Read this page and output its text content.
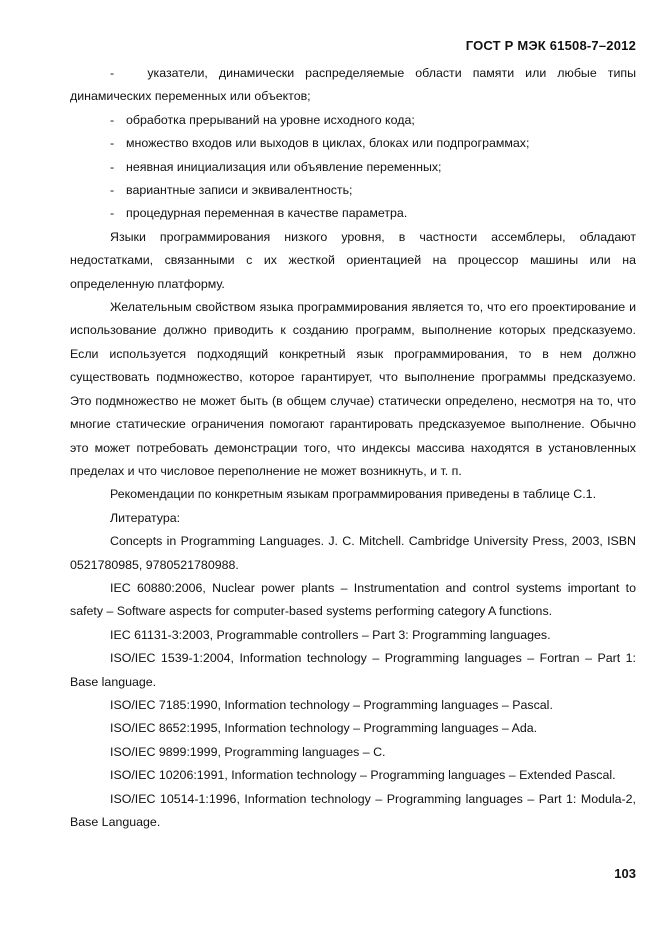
ГОСТ Р МЭК 61508-7–2012

-	указатели, динамически распределяемые области памяти или любые типы динамических переменных или объектов;

- обработка прерываний на уровне исходного кода;

- множество входов или выходов в циклах, блоках или подпрограммах;

- неявная инициализация или объявление переменных;

- вариантные записи и эквивалентность;

- процедурная переменная в качестве параметра.

Языки программирования низкого уровня, в частности ассемблеры, обладают недостатками, связанными с их жесткой ориентацией на процессор машины или на определенную платформу.

Желательным свойством языка программирования является то, что его проектирование и использование должно приводить к созданию программ, выполнение которых предсказуемо. Если используется подходящий конкретный язык программирования, то в нем должно существовать подмножество, которое гарантирует, что выполнение программы предсказуемо. Это подмножество не может быть (в общем случае) статически определено, несмотря на то, что многие статические ограничения помогают гарантировать предсказуемое выполнение. Обычно это может потребовать демонстрации того, что индексы массива находятся в установленных пределах и что числовое переполнение не может возникнуть, и т. п.

Рекомендации по конкретным языкам программирования приведены в таблице С.1.

Литература:

Concepts in Programming Languages. J. C. Mitchell. Cambridge University Press, 2003, ISBN 0521780985, 9780521780988.

IEC 60880:2006, Nuclear power plants – Instrumentation and control systems important to safety – Software aspects for computer-based systems performing category A functions.

IEC 61131-3:2003, Programmable controllers – Part 3: Programming languages.

ISO/IEC 1539-1:2004, Information technology – Programming languages – Fortran – Part 1: Base language.

ISO/IEC 7185:1990, Information technology – Programming languages – Pascal.

ISO/IEC 8652:1995, Information technology – Programming languages – Ada.

ISO/IEC 9899:1999, Programming languages – C.

ISO/IEC 10206:1991, Information technology – Programming languages – Extended Pascal.

ISO/IEC 10514-1:1996, Information technology – Programming languages – Part 1: Modula-2, Base Language.

103
